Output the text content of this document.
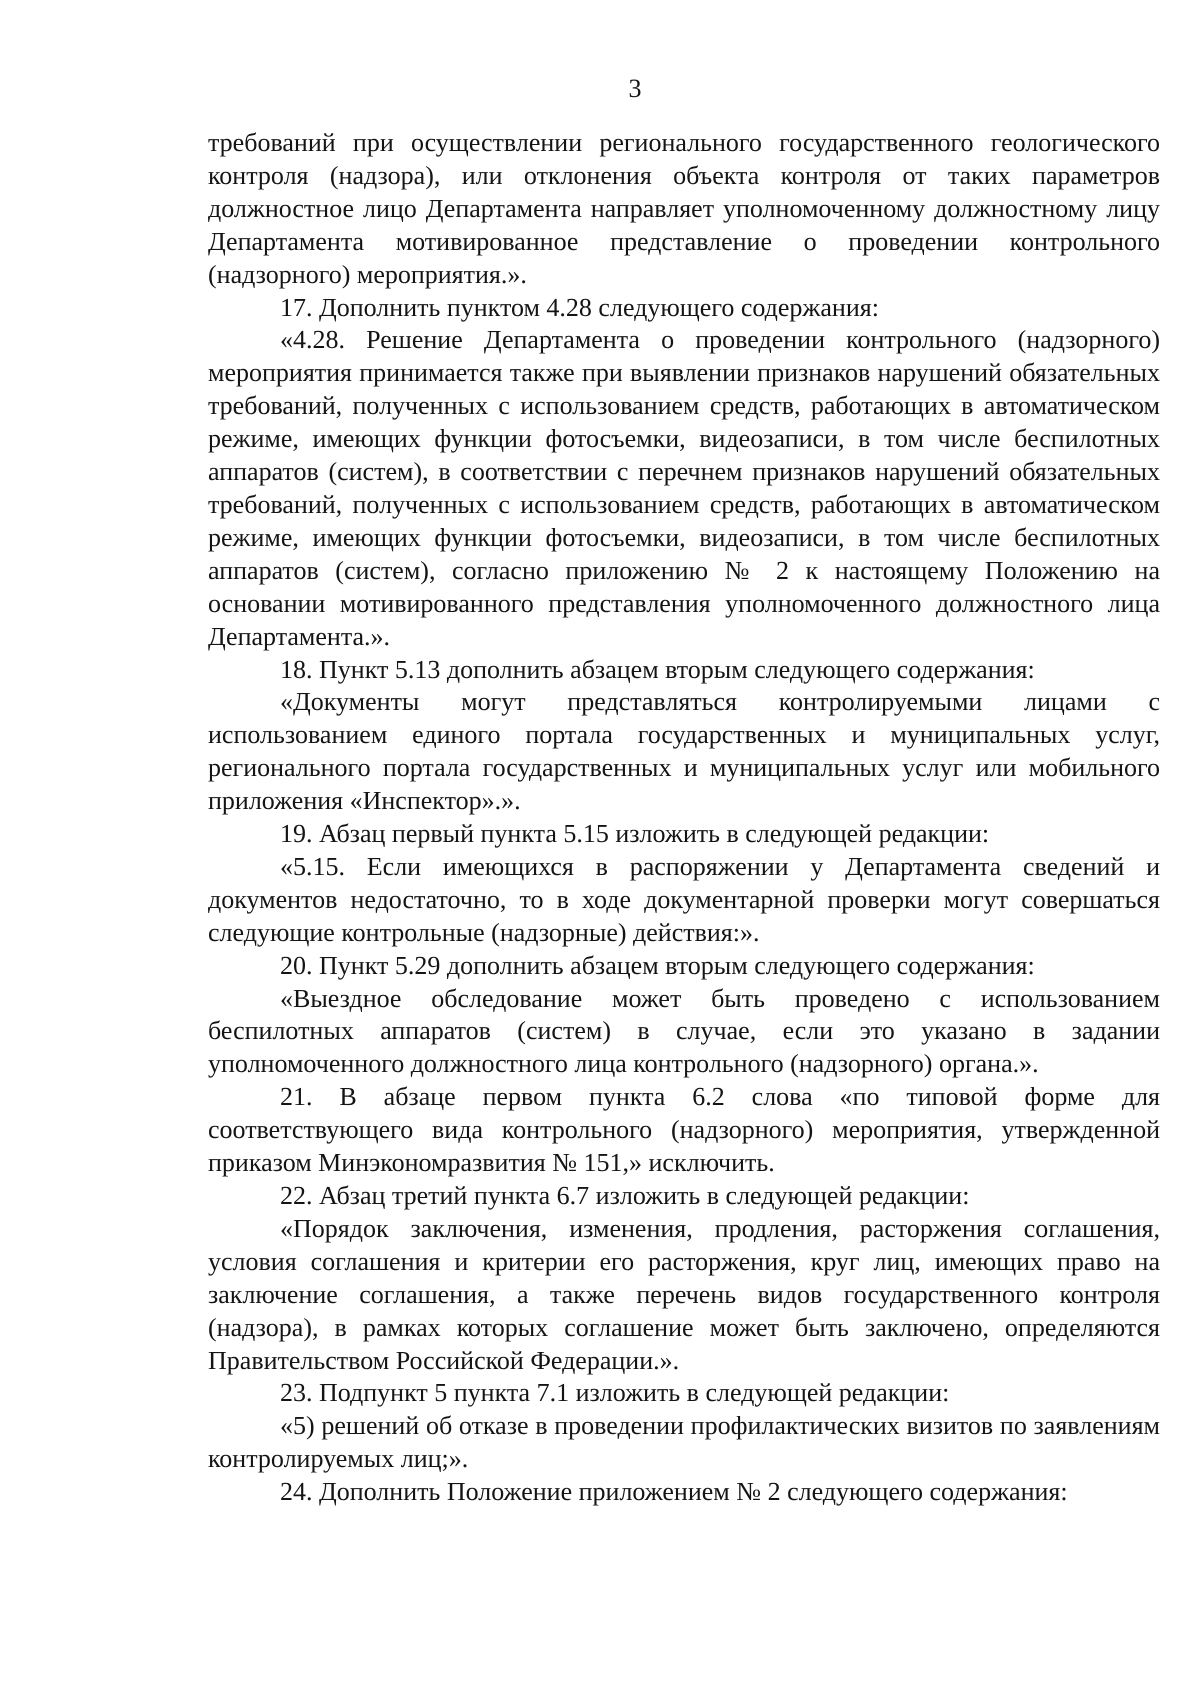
3

требований при осуществлении регионального государственного геологического контроля (надзора), или отклонения объекта контроля от таких параметров должностное лицо Департамента направляет уполномоченному должностному лицу Департамента мотивированное представление о проведении контрольного (надзорного) мероприятия.».

17. Дополнить пунктом 4.28 следующего содержания:

«4.28. Решение Департамента о проведении контрольного (надзорного) мероприятия принимается также при выявлении признаков нарушений обязательных требований, полученных с использованием средств, работающих в автоматическом режиме, имеющих функции фотосъемки, видеозаписи, в том числе беспилотных аппаратов (систем), в соответствии с перечнем признаков нарушений обязательных требований, полученных с использованием средств, работающих в автоматическом режиме, имеющих функции фотосъемки, видеозаписи, в том числе беспилотных аппаратов (систем), согласно приложению № 2 к настоящему Положению на основании мотивированного представления уполномоченного должностного лица Департамента.».

18. Пункт 5.13 дополнить абзацем вторым следующего содержания:

«Документы могут представляться контролируемыми лицами с использованием единого портала государственных и муниципальных услуг, регионального портала государственных и муниципальных услуг или мобильного приложения «Инспектор».».

19. Абзац первый пункта 5.15 изложить в следующей редакции:

«5.15. Если имеющихся в распоряжении у Департамента сведений и документов недостаточно, то в ходе документарной проверки могут совершаться следующие контрольные (надзорные) действия:».

20. Пункт 5.29 дополнить абзацем вторым следующего содержания:

«Выездное обследование может быть проведено с использованием беспилотных аппаратов (систем) в случае, если это указано в задании уполномоченного должностного лица контрольного (надзорного) органа.».

21. В абзаце первом пункта 6.2 слова «по типовой форме для соответствующего вида контрольного (надзорного) мероприятия, утвержденной приказом Минэкономразвития № 151,» исключить.

22. Абзац третий пункта 6.7 изложить в следующей редакции:

«Порядок заключения, изменения, продления, расторжения соглашения, условия соглашения и критерии его расторжения, круг лиц, имеющих право на заключение соглашения, а также перечень видов государственного контроля (надзора), в рамках которых соглашение может быть заключено, определяются Правительством Российской Федерации.».

23. Подпункт 5 пункта 7.1 изложить в следующей редакции:

«5) решений об отказе в проведении профилактических визитов по заявлениям контролируемых лиц;».

24. Дополнить Положение приложением № 2 следующего содержания:
